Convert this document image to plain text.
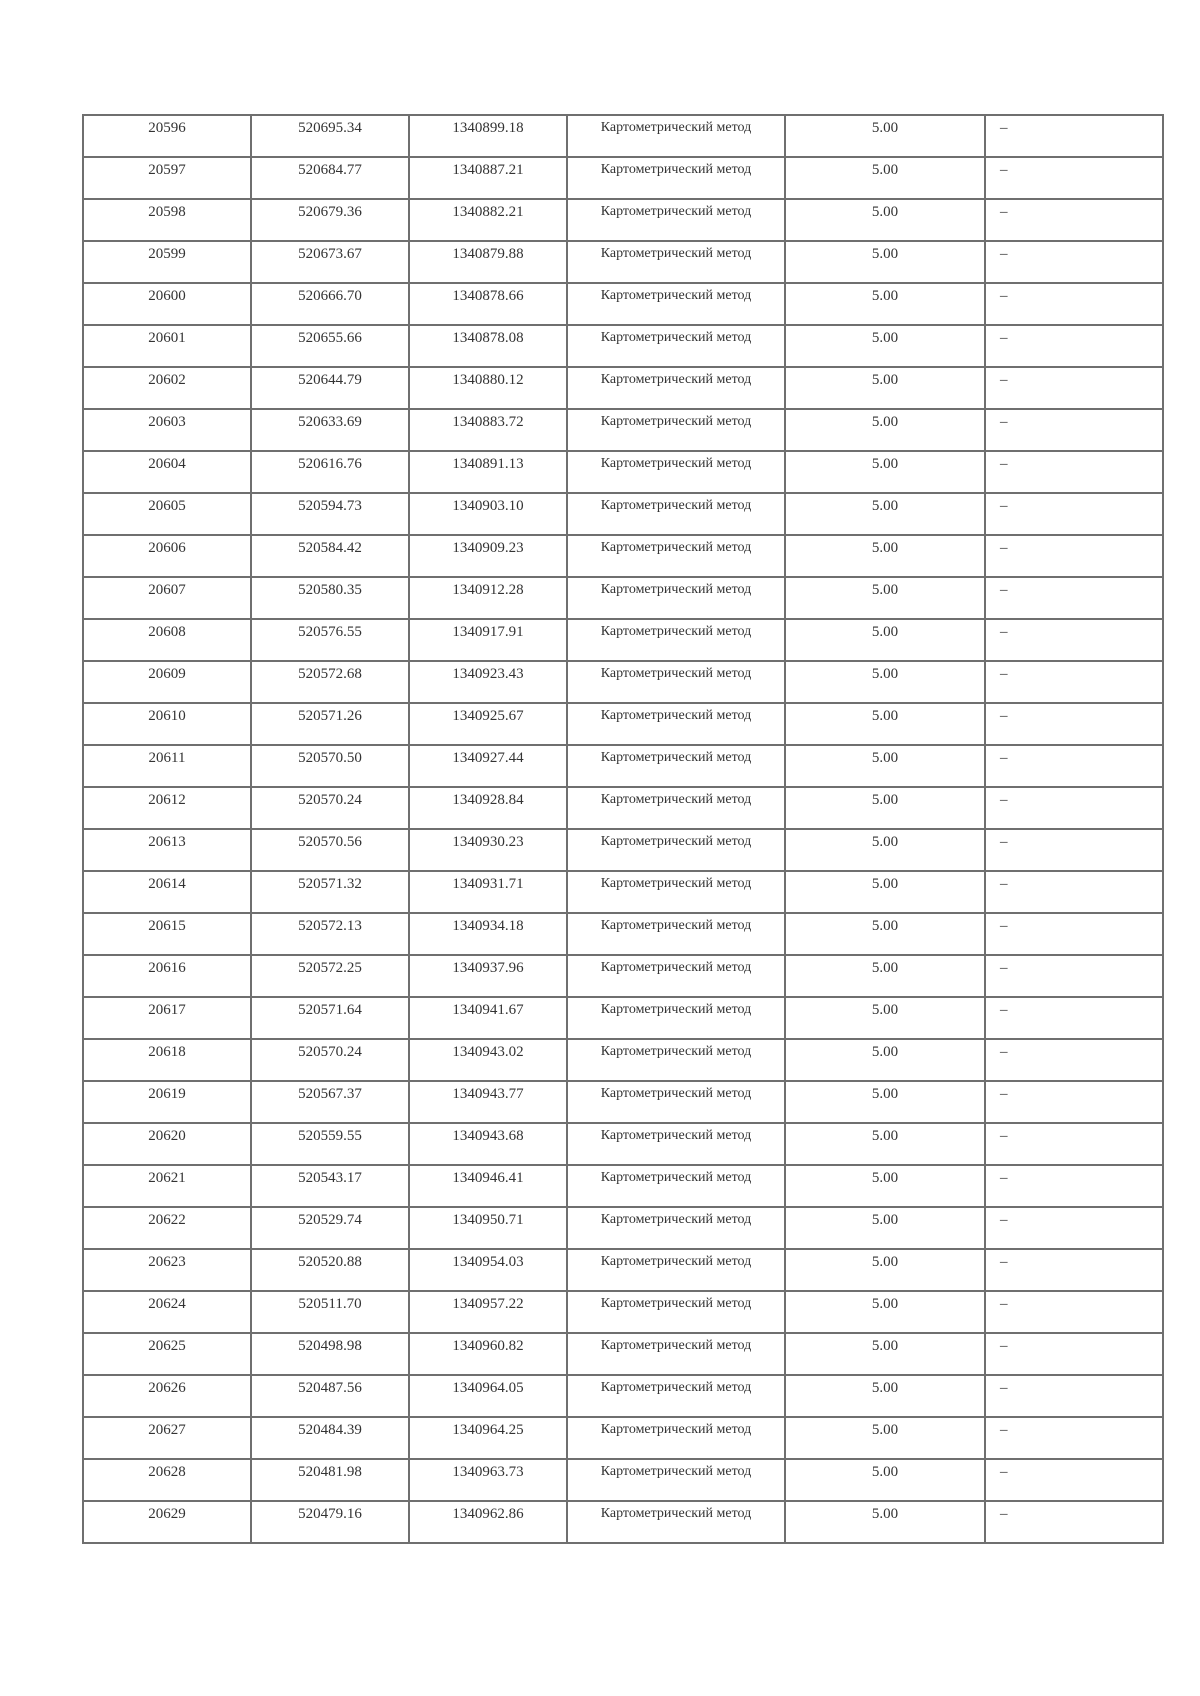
20596	520695.34	1340899.18	Картометрический метод	5.00	–

20597	520684.77	1340887.21	Картометрический метод	5.00	–

20598	520679.36	1340882.21	Картометрический метод	5.00	–

20599	520673.67	1340879.88	Картометрический метод	5.00	–

20600	520666.70	1340878.66	Картометрический метод	5.00	–

20601	520655.66	1340878.08	Картометрический метод	5.00	–

20602	520644.79	1340880.12	Картометрический метод	5.00	–

20603	520633.69	1340883.72	Картометрический метод	5.00	–

20604	520616.76	1340891.13	Картометрический метод	5.00	–

20605	520594.73	1340903.10	Картометрический метод	5.00	–

20606	520584.42	1340909.23	Картометрический метод	5.00	–

20607	520580.35	1340912.28	Картометрический метод	5.00	–

20608	520576.55	1340917.91	Картометрический метод	5.00	–

20609	520572.68	1340923.43	Картометрический метод	5.00	–

20610	520571.26	1340925.67	Картометрический метод	5.00	–

20611	520570.50	1340927.44	Картометрический метод	5.00	–

20612	520570.24	1340928.84	Картометрический метод	5.00	–

20613	520570.56	1340930.23	Картометрический метод	5.00	–

20614	520571.32	1340931.71	Картометрический метод	5.00	–

20615	520572.13	1340934.18	Картометрический метод	5.00	–

20616	520572.25	1340937.96	Картометрический метод	5.00	–

20617	520571.64	1340941.67	Картометрический метод	5.00	–

20618	520570.24	1340943.02	Картометрический метод	5.00	–

20619	520567.37	1340943.77	Картометрический метод	5.00	–

20620	520559.55	1340943.68	Картометрический метод	5.00	–

20621	520543.17	1340946.41	Картометрический метод	5.00	–

20622	520529.74	1340950.71	Картометрический метод	5.00	–

20623	520520.88	1340954.03	Картометрический метод	5.00	–

20624	520511.70	1340957.22	Картометрический метод	5.00	–

20625	520498.98	1340960.82	Картометрический метод	5.00	–

20626	520487.56	1340964.05	Картометрический метод	5.00	–

20627	520484.39	1340964.25	Картометрический метод	5.00	–

20628	520481.98	1340963.73	Картометрический метод	5.00	–

20629	520479.16	1340962.86	Картометрический метод	5.00	–
